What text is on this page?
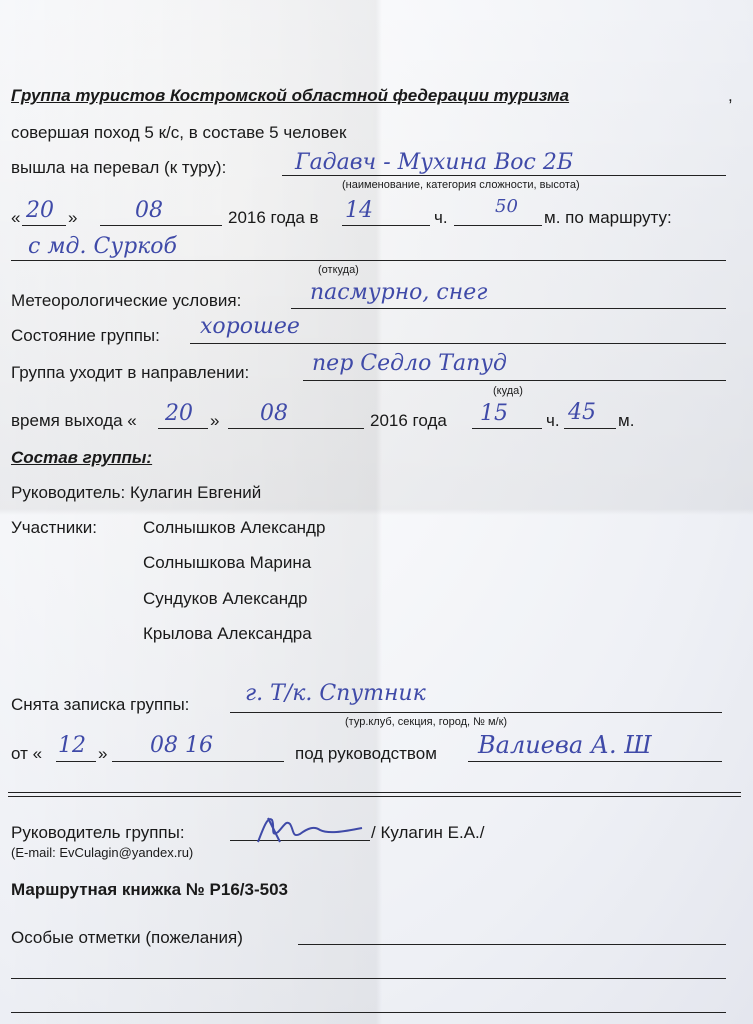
Группа туристов Костромской областной федерации туризма	,
совершая поход 5 к/с, в составе 5 человек
вышла на перевал (к туру):	Гадавч - Мухина Вос 2Б
(наименование, категория сложности, высота)
« 20 »	08	2016 года в 14	ч.
50
м. по маршруту:
с мд. Суркоб
(откуда)
Метеорологические условия:	пасмурно, снег
Состояние группы: хорошее
Группа уходит в направлении:	пер Седло Тапуд
(куда)
время выхода « 20 » 08	2016 года 15 ч. 45 м.
Состав группы:
Руководитель: Кулагин Евгений
Участники:	Солнышков Александр
Солнышкова Марина
Сундуков Александр
Крылова Александра
Снята записка группы:	г. Т/к. Спутник
(тур.клуб, секция, город, № м/к)
от « 12 » 08 16	под руководством Валиева А. Ш
Руководитель группы:	/ Кулагин Е.А./
(E-mail: EvCulagin@yandex.ru)
Маршрутная книжка № Р16/3-503
Особые отметки (пожелания)
